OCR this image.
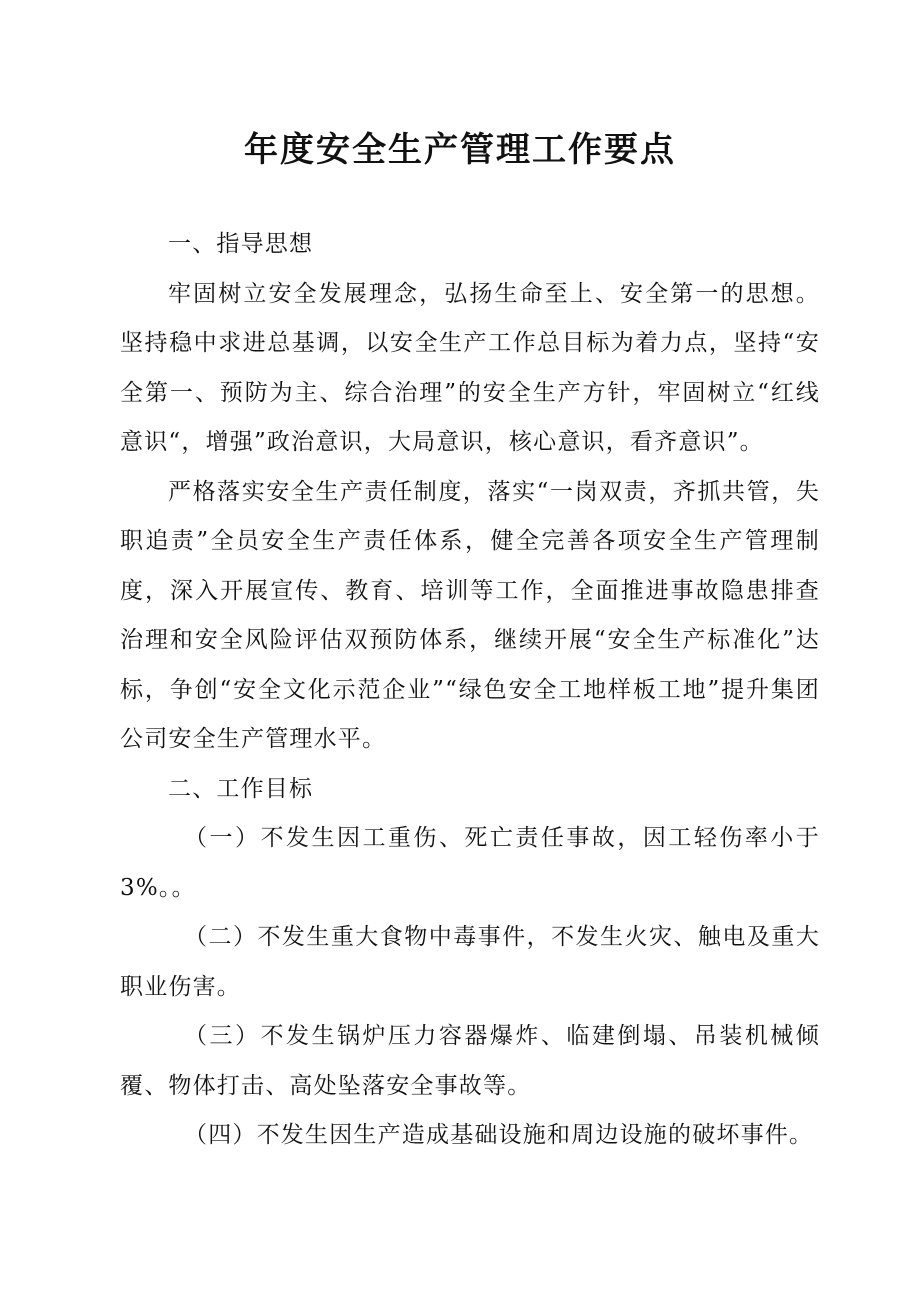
年度安全生产管理工作要点

一、指导思想

牢固树立安全发展理念，弘扬生命至上、安全第一的思想。坚持稳中求进总基调，以安全生产工作总目标为着力点，坚持“安全第一、预防为主、综合治理”的安全生产方针，牢固树立“红线意识“，增强”政治意识，大局意识，核心意识，看齐意识”。

严格落实安全生产责任制度，落实“一岗双责，齐抓共管，失职追责”全员安全生产责任体系，健全完善各项安全生产管理制度，深入开展宣传、教育、培训等工作，全面推进事故隐患排查治理和安全风险评估双预防体系，继续开展“安全生产标准化”达标，争创“安全文化示范企业”“绿色安全工地样板工地”提升集团公司安全生产管理水平。

二、工作目标

（一）不发生因工重伤、死亡责任事故，因工轻伤率小于3%。。

（二）不发生重大食物中毒事件，不发生火灾、触电及重大职业伤害。

（三）不发生锅炉压力容器爆炸、临建倒塌、吊装机械倾覆、物体打击、高处坠落安全事故等。

（四）不发生因生产造成基础设施和周边设施的破坏事件。
